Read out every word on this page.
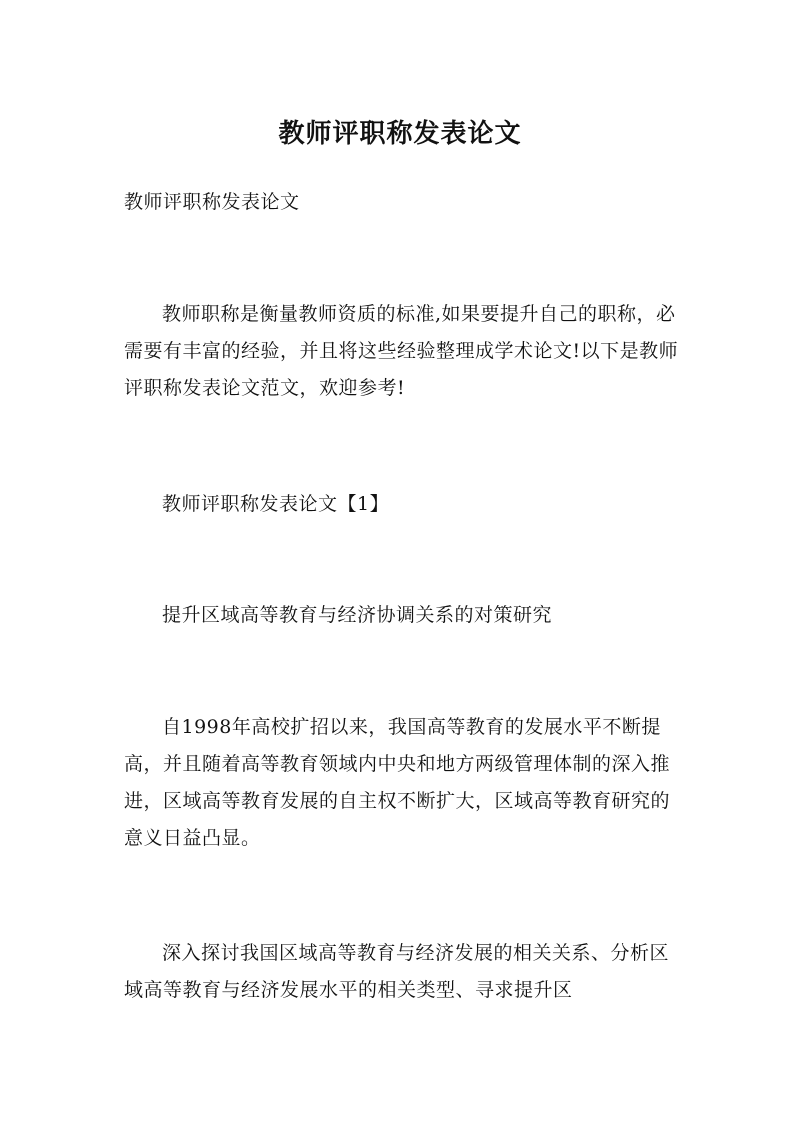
教师评职称发表论文

教师评职称发表论文

教师职称是衡量教师资质的标准,如果要提升自己的职称，必需要有丰富的经验，并且将这些经验整理成学术论文!以下是教师评职称发表论文范文，欢迎参考!

教师评职称发表论文【1】

提升区域高等教育与经济协调关系的对策研究

自1998年高校扩招以来，我国高等教育的发展水平不断提高，并且随着高等教育领域内中央和地方两级管理体制的深入推进，区域高等教育发展的自主权不断扩大，区域高等教育研究的意义日益凸显。

深入探讨我国区域高等教育与经济发展的相关关系、分析区域高等教育与经济发展水平的相关类型、寻求提升区
